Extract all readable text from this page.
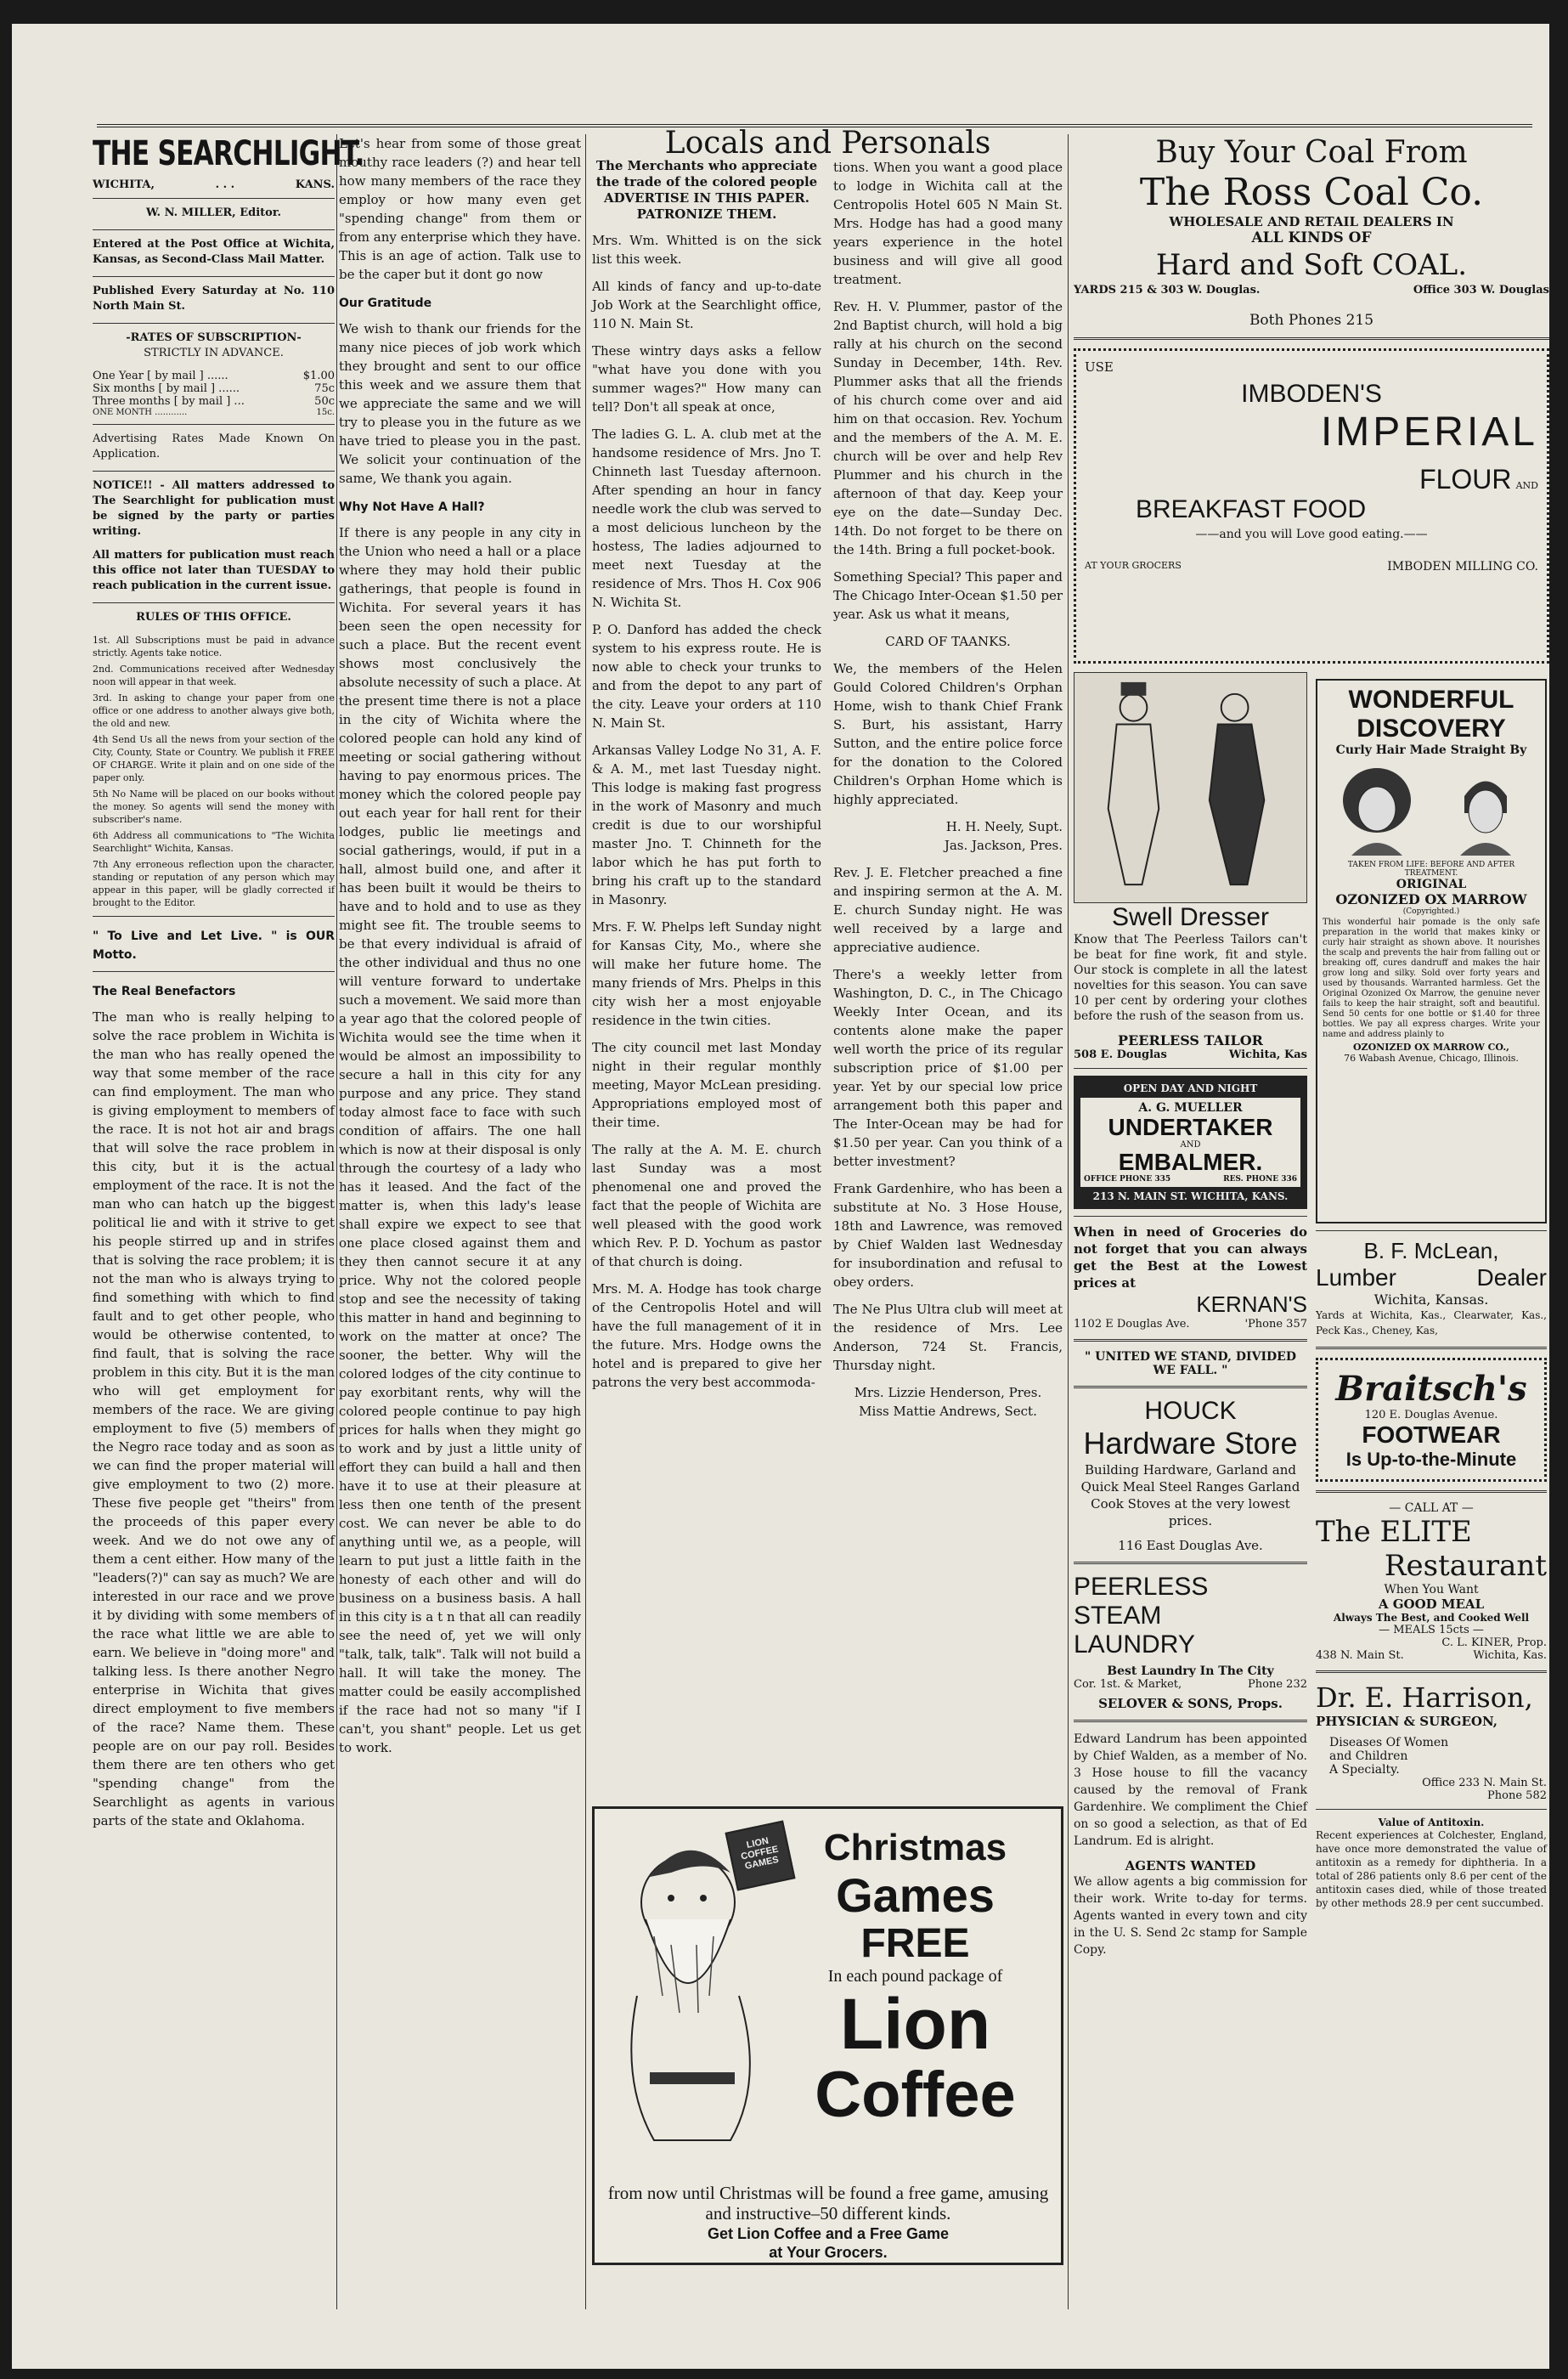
THE SEARCHLIGHT.
WICHITA,	. . .	KANS.

W. N. MILLER, Editor.

Entered at the Post Office at Wichita, Kansas, as Second-Class Mail Matter.

Published Every Saturday at No. 110 North Main St.

-RATES OF SUBSCRIPTION-

STRICTLY IN ADVANCE.

One Year [ by mail ] ......	$1.00
Six months [ by mail ] ......	75c
Three months [ by mail ] ...	50c
ONE MONTH ............	15c.

Advertising Rates Made Known On Application.

NOTICE!! - All matters addressed to The Searchlight for publication must be signed by the party or parties writing.

All matters for publication must reach this office not later than TUESDAY to reach publication in the current issue.

RULES OF THIS OFFICE.

1st. All Subscriptions must be paid in advance strictly. Agents take notice.

2nd. Communications received after Wednesday noon will appear in that week.

3rd. In asking to change your paper from one office or one address to another always give both, the old and new.

4th Send Us all the news from your section of the City, County, State or Country. We publish it FREE OF CHARGE. Write it plain and on one side of the paper only.

5th No Name will be placed on our books without the money. So agents will send the money with subscriber's name.

6th Address all communications to "The Wichita Searchlight" Wichita, Kansas.

7th Any erroneous reflection upon the character, standing or reputation of any person which may appear in this paper, will be gladly corrected if brought to the Editor.

" To Live and Let Live. " is OUR Motto.

The Real Benefactors

The man who is really helping to solve the race problem in Wichita is the man who has really opened the way that some member of the race can find employment. The man who is giving employment to members of the race. It is not hot air and brags that will solve the race problem in this city, but it is the actual employment of the race. It is not the man who can hatch up the biggest political lie and with it strive to get his people stirred up and in strifes that is solving the race problem; it is not the man who is always trying to find something with which to find fault and to get other people, who would be otherwise contented, to find fault, that is solving the race problem in this city. But it is the man who will get employment for members of the race. We are giving employment to five (5) members of the Negro race today and as soon as we can find the proper material will give employment to two (2) more. These five people get "theirs" from the proceeds of this paper every week. And we do not owe any of them a cent either. How many of the "leaders(?)" can say as much? We are interested in our race and we prove it by dividing with some members of the race what little we are able to earn. We believe in "doing more" and talking less. Is there another Negro enterprise in Wichita that gives direct employment to five members of the race? Name them. These people are on our pay roll. Besides them there are ten others who get "spending change" from the Searchlight as agents in various parts of the state and Oklahoma.

Let's hear from some of those great mouthy race leaders (?) and hear tell how many members of the race they employ or how many even get "spending change" from them or from any enterprise which they have. This is an age of action. Talk use to be the caper but it dont go now

Our Gratitude

We wish to thank our friends for the many nice pieces of job work which they brought and sent to our office this week and we assure them that we appreciate the same and we will try to please you in the future as we have tried to please you in the past. We solicit your continuation of the same, We thank you again.

Why Not Have A Hall?

If there is any people in any city in the Union who need a hall or a place where they may hold their public gatherings, that people is found in Wichita. For several years it has been seen the open necessity for such a place. But the recent event shows most conclusively the absolute necessity of such a place. At the present time there is not a place in the city of Wichita where the colored people can hold any kind of meeting or social gathering without having to pay enormous prices. The money which the colored people pay out each year for hall rent for their lodges, public lie meetings and social gatherings, would, if put in a hall, almost build one, and after it has been built it would be theirs to have and to hold and to use as they might see fit. The trouble seems to be that every individual is afraid of the other individual and thus no one will venture forward to undertake such a movement. We said more than a year ago that the colored people of Wichita would see the time when it would be almost an impossibility to secure a hall in this city for any purpose and any price. They stand today almost face to face with such condition of affairs. The one hall which is now at their disposal is only through the courtesy of a lady who has it leased. And the fact of the matter is, when this lady's lease shall expire we expect to see that one place closed against them and they then cannot secure it at any price. Why not the colored people stop and see the necessity of taking this matter in hand and beginning to work on the matter at once? The sooner, the better. Why will the colored lodges of the city continue to pay exorbitant rents, why will the colored people continue to pay high prices for halls when they might go to work and by just a little unity of effort they can build a hall and then have it to use at their pleasure at less then one tenth of the present cost. We can never be able to do anything until we, as a people, will learn to put just a little faith in the honesty of each other and will do business on a business basis. A hall in this city is a t n that all can readily see the need of, yet we will only "talk, talk, talk". Talk will not build a hall. It will take the money. The matter could be easily accomplished if the race had not so many "if I can't, you shant" people. Let us get to work.

Locals and Personals

The Merchants who appreciate the trade of the colored people ADVERTISE IN THIS PAPER. PATRONIZE THEM.

Mrs. Wm. Whitted is on the sick list this week.

All kinds of fancy and up-to-date Job Work at the Searchlight office, 110 N. Main St.

These wintry days asks a fellow "what have you done with you summer wages?" How many can tell? Don't all speak at once,

The ladies G. L. A. club met at the handsome residence of Mrs. Jno T. Chinneth last Tuesday afternoon. After spending an hour in fancy needle work the club was served to a most delicious luncheon by the hostess, The ladies adjourned to meet next Tuesday at the residence of Mrs. Thos H. Cox 906 N. Wichita St.

P. O. Danford has added the check system to his express route. He is now able to check your trunks to and from the depot to any part of the city. Leave your orders at 110 N. Main St.

Arkansas Valley Lodge No 31, A. F. & A. M., met last Tuesday night. This lodge is making fast progress in the work of Masonry and much credit is due to our worshipful master Jno. T. Chinneth for the labor which he has put forth to bring his craft up to the standard in Masonry.

Mrs. F. W. Phelps left Sunday night for Kansas City, Mo., where she will make her future home. The many friends of Mrs. Phelps in this city wish her a most enjoyable residence in the twin cities.

The city council met last Monday night in their regular monthly meeting, Mayor McLean presiding. Appropriations employed most of their time.

The rally at the A. M. E. church last Sunday was a most phenomenal one and proved the fact that the people of Wichita are well pleased with the good work which Rev. P. D. Yochum as pastor of that church is doing.

Mrs. M. A. Hodge has took charge of the Centropolis Hotel and will have the full management of it in the future. Mrs. Hodge owns the hotel and is prepared to give her patrons the very best accommoda-

tions. When you want a good place to lodge in Wichita call at the Centropolis Hotel 605 N Main St. Mrs. Hodge has had a good many years experience in the hotel business and will give all good treatment.

Rev. H. V. Plummer, pastor of the 2nd Baptist church, will hold a big rally at his church on the second Sunday in December, 14th. Rev. Plummer asks that all the friends of his church come over and aid him on that occasion. Rev. Yochum and the members of the A. M. E. church will be over and help Rev Plummer and his church in the afternoon of that day. Keep your eye on the date—Sunday Dec. 14th. Do not forget to be there on the 14th. Bring a full pocket-book.

Something Special? This paper and The Chicago Inter-Ocean $1.50 per year. Ask us what it means,

CARD OF TAANKS.

We, the members of the Helen Gould Colored Children's Orphan Home, wish to thank Chief Frank S. Burt, his assistant, Harry Sutton, and the entire police force for the donation to the Colored Children's Orphan Home which is highly appreciated.

H. H. Neely, Supt.

Jas. Jackson, Pres.

Rev. J. E. Fletcher preached a fine and inspiring sermon at the A. M. E. church Sunday night. He was well received by a large and appreciative audience.

There's a weekly letter from Washington, D. C., in The Chicago Weekly Inter Ocean, and its contents alone make the paper well worth the price of its regular subscription price of $1.00 per year. Yet by our special low price arrangement both this paper and The Inter-Ocean may be had for $1.50 per year. Can you think of a better investment?

Frank Gardenhire, who has been a substitute at No. 3 Hose House, 18th and Lawrence, was removed by Chief Walden last Wednesday for insubordination and refusal to obey orders.

The Ne Plus Ultra club will meet at the residence of Mrs. Lee Anderson, 724 St. Francis, Thursday night.

Mrs. Lizzie Henderson, Pres.

Miss Mattie Andrews, Sect.

LION COFFEE GAMES	Christmas
Games
FREE
In each pound package of
Lion
Coffee
from now until Christmas will be found a free game, amusing and instructive–50 different kinds.
Get Lion Coffee and a Free Game
at Your Grocers.
Buy Your Coal From
The Ross Coal Co.
WHOLESALE AND RETAIL DEALERS IN
ALL KINDS OF
Hard and Soft COAL.
YARDS 215 & 303 W. Douglas.	Office 303 W. Douglas
Both Phones 215
USE
IMBODEN'S
IMPERIAL
FLOUR AND
BREAKFAST FOOD
——and you will Love good eating.——
AT YOUR GROCERS	IMBODEN MILLING CO.
Swell Dresser

Know that The Peerless Tailors can't be beat for fine work, fit and style. Our stock is complete in all the latest novelties for this season. You can save 10 per cent by ordering your clothes before the rush of the season from us.

PEERLESS TAILOR
508 E. Douglas	Wichita, Kas
OPEN DAY AND NIGHT
A. G. MUELLER
UNDERTAKER
AND
EMBALMER.
OFFICE PHONE 335	RES. PHONE 336
213 N. MAIN ST. WICHITA, KANS.

When in need of Groceries do not forget that you can always get the Best at the Lowest prices at

KERNAN'S
1102 E Douglas Ave.	'Phone 357
" UNITED WE STAND, DIVIDED WE FALL. "
HOUCK
Hardware Store

Building Hardware, Garland and Quick Meal Steel Ranges Garland Cook Stoves at the very lowest prices.

116 East Douglas Ave.
PEERLESS
STEAM
LAUNDRY
Best Laundry In The City
Cor. 1st. & Market,	Phone 232
SELOVER & SONS, Props.

Edward Landrum has been appointed by Chief Walden, as a member of No. 3 Hose house to fill the vacancy caused by the removal of Frank Gardenhire. We compliment the Chief on so good a selection, as that of Ed Landrum. Ed is alright.

AGENTS WANTED

We allow agents a big commission for their work. Write to-day for terms. Agents wanted in every town and city in the U. S. Send 2c stamp for Sample Copy.

WONDERFUL
DISCOVERY
Curly Hair Made Straight By
TAKEN FROM LIFE: BEFORE AND AFTER TREATMENT.
ORIGINAL
OZONIZED OX MARROW
(Copyrighted.)

This wonderful hair pomade is the only safe preparation in the world that makes kinky or curly hair straight as shown above. It nourishes the scalp and prevents the hair from falling out or breaking off, cures dandruff and makes the hair grow long and silky. Sold over forty years and used by thousands. Warranted harmless. Get the Original Ozonized Ox Marrow, the genuine never fails to keep the hair straight, soft and beautiful. Send 50 cents for one bottle or $1.40 for three bottles. We pay all express charges. Write your name and address plainly to

OZONIZED OX MARROW CO.,
76 Wabash Avenue, Chicago, Illinois.
B. F. McLean,
Lumber	Dealer
Wichita, Kansas.

Yards at Wichita, Kas., Clearwater, Kas., Peck Kas., Cheney, Kas,

Braitsch's
120 E. Douglas Avenue.
FOOTWEAR
Is Up-to-the-Minute
— CALL AT —
The ELITE
Restaurant
When You Want
A GOOD MEAL
Always The Best, and Cooked Well
— MEALS 15cts —
C. L. KINER, Prop.
438 N. Main St.	Wichita, Kas.
Dr. E. Harrison,
PHYSICIAN & SURGEON,
Diseases Of Women
and Children
A Specialty.
Office 233 N. Main St.
Phone 582
Value of Antitoxin.

Recent experiences at Colchester, England, have once more demonstrated the value of antitoxin as a remedy for diphtheria. In a total of 286 patients only 8.6 per cent of the antitoxin cases died, while of those treated by other methods 28.9 per cent succumbed.
